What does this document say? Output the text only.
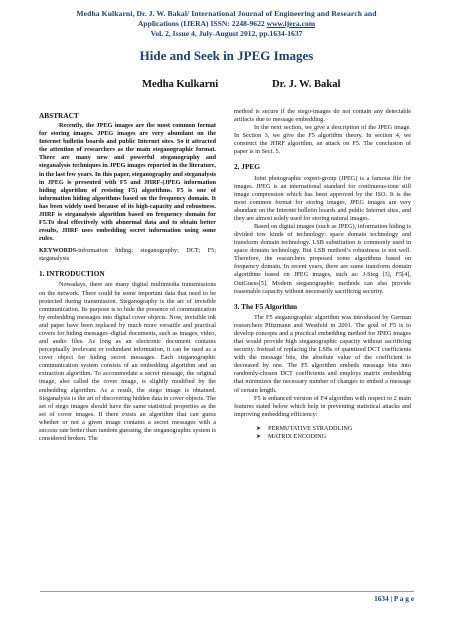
Medha Kulkarni, Dr. J. W. Bakal/ International Journal of Engineering and Research and
Applications (IJERA) ISSN: 2248-9622 www.ijera.com
Vol. 2, Issue 4, July-August 2012, pp.1634-1637
Hide and Seek in JPEG Images
Medha Kulkarni	Dr. J. W. Bakal
ABSTRACT

Recently, the JPEG images are the most common format for storing images. JPEG images are very abundant on the Internet bulletin boards and public Internet sites. So it attracted the attention of researchers as the main steganographic format. There are many new and powerful steganography and steganalysis techniques in JPEG images reported in the literature, in the last few years. In this paper, steganography and steganalysis in JPEG is presented with F5 and JHRF-(JPEG information hiding algorithm of resisting F5) algorithms. F5 is one of information hiding algorithms based on the frequency domain. It has been widely used because of its high-capacity and robustness. JHRF is steganalysis algorithm based on frequency domain for F5.To deal effectively with abnormal data and to obtain better results, JHRF uses embedding secret information using some rules.

KEYWORDS-information hiding; steganography; DCT; F5; steganalysis

1. INTRODUCTION

Nowadays, there are many digital multimedia transmissions on the network. There could be some important data that need to be protected during transmission. Steganography is the art of invisible communication. Its purpose is to hide the presence of communication by embedding messages into digital cover objects. Now, invisible ink and paper have been replaced by much more versatile and practical covers for hiding messages–digital documents, such as images, video, and audio files. As long as an electronic document contains perceptually irrelevant or redundant information, it can be used as a cover object for hiding secret messages. Each steganographic communication system consists of an embedding algorithm and an extraction algorithm. To accommodate a secret message, the original image, also called the cover image, is slightly modified by the embedding algorithm. As a result, the stego image is obtained. Steganalysis is the art of discovering hidden data in cover objects. The set of stego images should have the same statistical properties as the set of cover images. If there exists an algorithm that can guess whether or not a given image contains a secret messages with a success rate better than random guessing, the steganographic system is considered broken. The

method is secure if the stego-images do not contain any detectable artifacts due to message embedding.

In the next section, we give a description of the JPEG image. In Section 3, we give the F5 algorithm theory. In section 4, we construct the JHRF algorithm, an attack on F5. The conclusion of paper is in Sect. 5.

2. JPEG

Joint photographic expert-group (JPEG) is a famous file for images. JPEG is an international standard for continuous-tone still image compression which has been approved by the ISO. It is the most common format for storing images, JPEG images are very abundant on the Internet bulletin boards and public Internet sites, and they are almost solely used for storing natural images.

Based on digital images (such as JPEG), information hiding is divided tow kinds of technology: space domain technology and transform domain technology. LSB substitution is commonly used in space domain technology. But LSB method’s robustness is not well. Therefore, the researchers proposed some algorithms based on frequency domain. In recent years, there are some transform domain algorithms based on JPEG images, such as: J-Steg [3], F5[4], OutGuess[5]. Modern steganographic methods can also provide reasonable capacity without necessarily sacrificing security.

3. The F5 Algorithm

The F5 steganographic algorithm was introduced by German researchers Pfitzmann and Westfeld in 2001. The goal of F5 is to develop concepts and a practical embedding method for JPEG images that would provide high steganographic capacity without sacrificing security. Instead of replacing the LSBs of quantized DCT coefficients with the message bits, the absolute value of the coefficient is decreased by one. The F5 algorithm embeds message bits into randomly-chosen DCT coefficients and employs matrix embedding that minimizes the necessary number of changes to embed a message of certain length.

F5 is enhanced version of F4 algorithm with respect to 2 main features stated below which help in preventing statistical attacks and improving embedding efficiency:

➤ PERMUTATIVE STRADDLING
➤ MATRIX ENCODING
1634 | P a g e
